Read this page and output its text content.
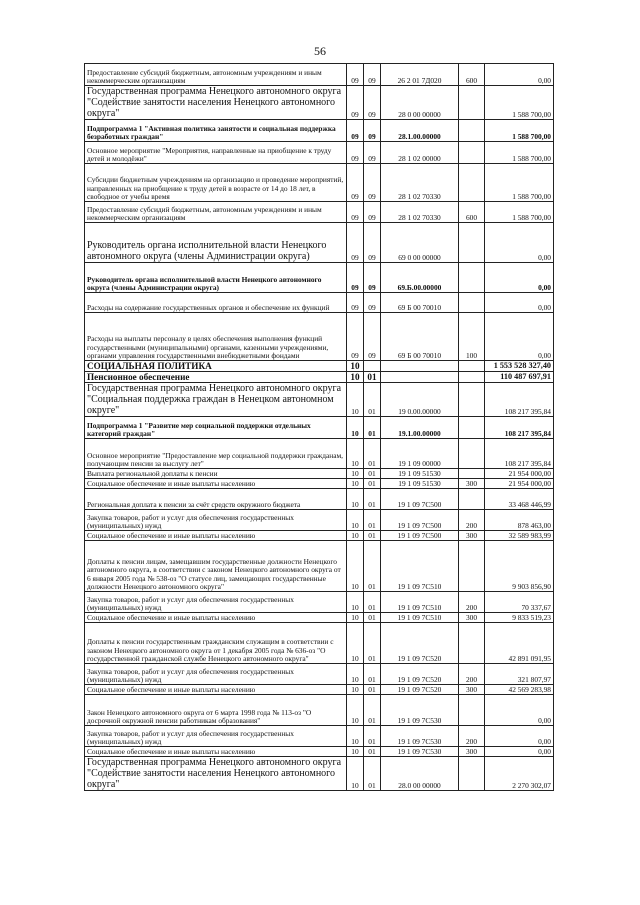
56
Предоставление субсидий бюджетным, автономным учреждениям и иным некоммерческим организациям	09	09	26 2 01 7Д020	600	0,00
Государственная программа Ненецкого автономного округа "Содействие занятости населения Ненецкого автономного округа"	09	09	28 0 00 00000		1 588 700,00
Подпрограмма 1 "Активная политика занятости и социальная поддержка безработных граждан"	09	09	28.1.00.00000		1 588 700,00
Основное мероприятие "Мероприятия, направленные на приобщение к труду детей и молодёжи"	09	09	28 1 02 00000		1 588 700,00
Субсидии бюджетным учреждениям на организацию и проведение мероприятий, направленных на приобщение к труду детей в возрасте от 14 до 18 лет, в свободное от учебы время	09	09	28 1 02 70330		1 588 700,00
Предоставление субсидий бюджетным, автономным учреждениям и иным некоммерческим организациям	09	09	28 1 02 70330	600	1 588 700,00
Руководитель органа исполнительной власти Ненецкого автономного округа (члены Администрации округа)	09	09	69 0 00 00000		0,00
Руководитель органа исполнительной власти Ненецкого автономного округа (члены Администрации округа)	09	09	69.Б.00.00000		0,00
Расходы на содержание государственных органов и обеспечение их функций	09	09	69 Б 00 70010		0,00
Расходы на выплаты персоналу в целях обеспечения выполнения функций государственными (муниципальными) органами, казенными учреждениями, органами управления государственными внебюджетными фондами	09	09	69 Б 00 70010	100	0,00
СОЦИАЛЬНАЯ ПОЛИТИКА	10				1 553 528 327,40
Пенсионное обеспечение	10	01			110 487 697,91
Государственная программа Ненецкого автономного округа "Социальная поддержка граждан в Ненецком автономном округе"	10	01	19 0.00.00000		108 217 395,84
Подпрограмма 1 "Развитие мер социальной поддержки отдельных категорий граждан"	10	01	19.1.00.00000		108 217 395,84
Основное мероприятие "Предоставление мер социальной поддержки гражданам, получающим пенсии за выслугу лет"	10	01	19 1 09 00000		108 217 395,84
Выплата региональной доплаты к пенсии	10	01	19 1 09 51530		21 954 000,00
Социальное обеспечение и иные выплаты населению	10	01	19 1 09 51530	300	21 954 000,00
Региональная доплата к пенсии за счёт средств окружного бюджета	10	01	19 1 09 7С500		33 468 446,99
Закупка товаров, работ и услуг для обеспечения государственных (муниципальных) нужд	10	01	19 1 09 7С500	200	878 463,00
Социальное обеспечение и иные выплаты населению	10	01	19 1 09 7С500	300	32 589 983,99
Доплаты к пенсии лицам, замещавшим государственные должности Ненецкого автономного округа, в соответствии с законом Ненецкого автономного округа от 6 января 2005 года № 538-оз "О статусе лиц, замещающих государственные должности Ненецкого автономного округа"	10	01	19 1 09 7С510		9 903 856,90
Закупка товаров, работ и услуг для обеспечения государственных (муниципальных) нужд	10	01	19 1 09 7С510	200	70 337,67
Социальное обеспечение и иные выплаты населению	10	01	19 1 09 7С510	300	9 833 519,23
Доплаты к пенсии государственным гражданским служащим в соответствии с законом Ненецкого автономного округа от 1 декабря 2005 года № 636-оз "О государственной гражданской службе Ненецкого автономного округа"	10	01	19 1 09 7С520		42 891 091,95
Закупка товаров, работ и услуг для обеспечения государственных (муниципальных) нужд	10	01	19 1 09 7С520	200	321 807,97
Социальное обеспечение и иные выплаты населению	10	01	19 1 09 7С520	300	42 569 283,98
Закон Ненецкого автономного округа от 6 марта 1998 года № 113-оз "О досрочной окружной пенсии работникам образования"	10	01	19 1 09 7С530		0,00
Закупка товаров, работ и услуг для обеспечения государственных (муниципальных) нужд	10	01	19 1 09 7С530	200	0,00
Социальное обеспечение и иные выплаты населению	10	01	19 1 09 7С530	300	0,00
Государственная программа Ненецкого автономного округа "Содействие занятости населения Ненецкого автономного округа"	10	01	28.0 00 00000		2 270 302,07
